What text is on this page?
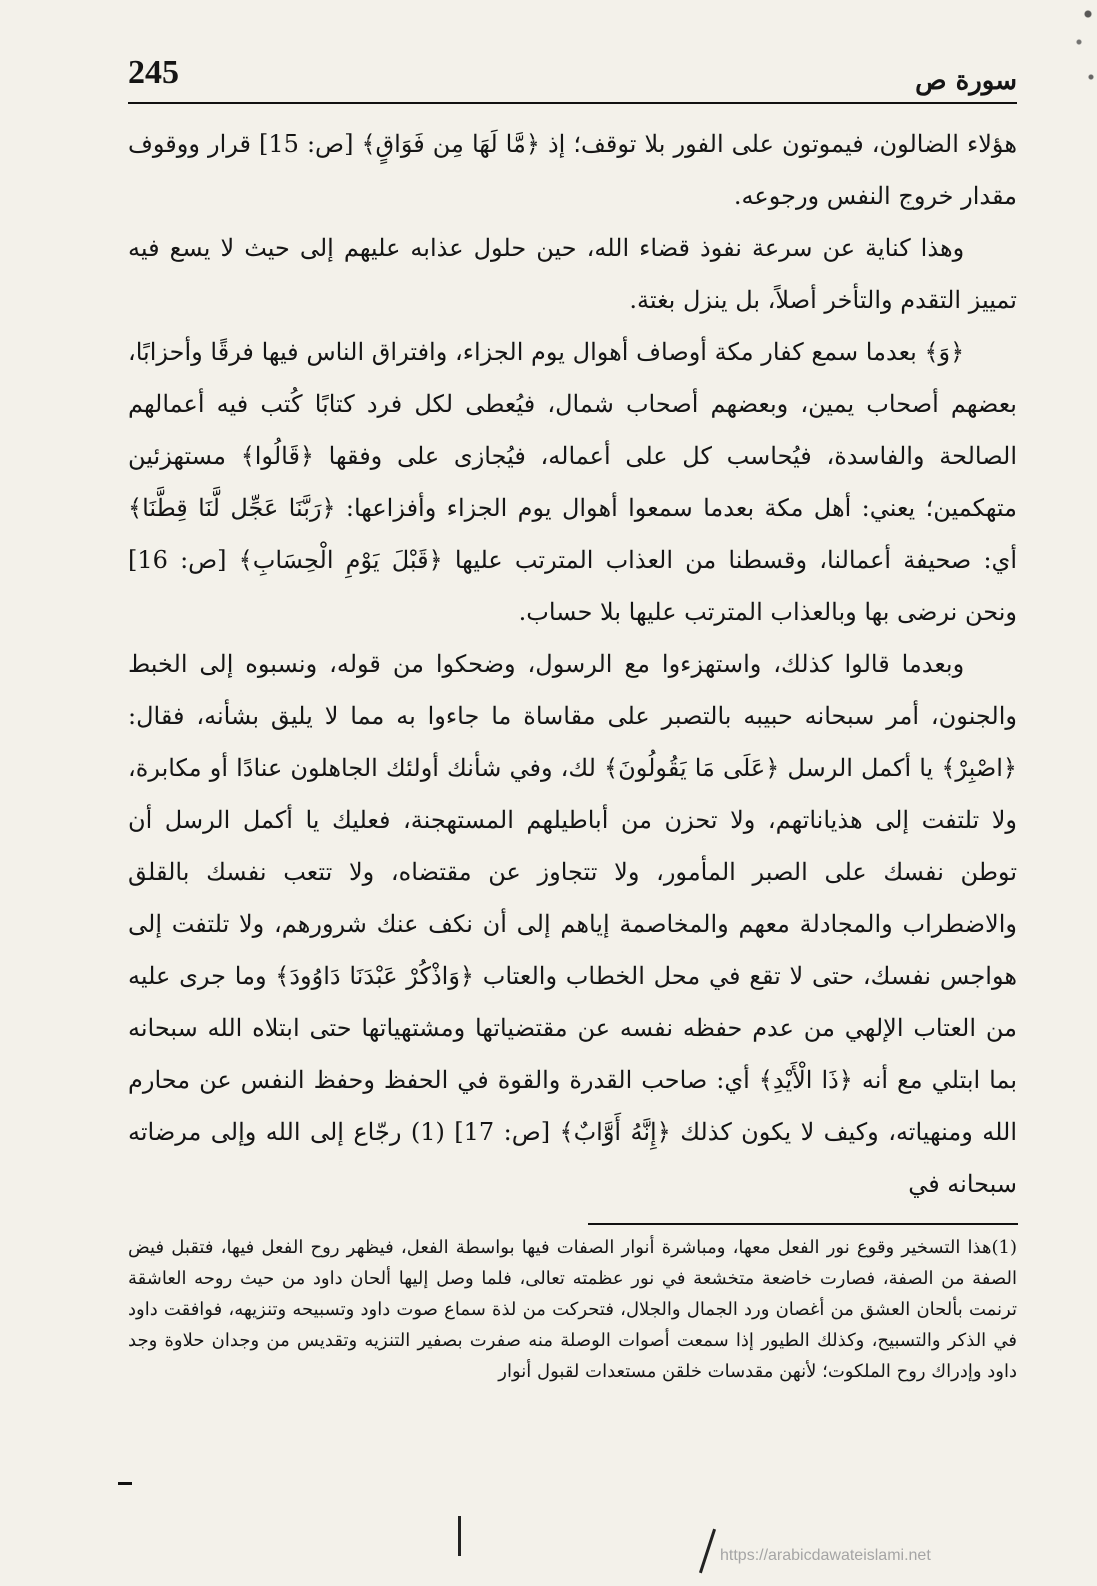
245	سورة ص

هؤلاء الضالون، فيموتون على الفور بلا توقف؛ إذ ﴿مَّا لَهَا مِن فَوَاقٍ﴾ [ص: 15] قرار ووقوف مقدار خروج النفس ورجوعه.

وهذا كناية عن سرعة نفوذ قضاء الله، حين حلول عذابه عليهم إلى حيث لا يسع فيه تمييز التقدم والتأخر أصلاً، بل ينزل بغتة.

﴿وَ﴾ بعدما سمع كفار مكة أوصاف أهوال يوم الجزاء، وافتراق الناس فيها فرقًا وأحزابًا، بعضهم أصحاب يمين، وبعضهم أصحاب شمال، فيُعطى لكل فرد كتابًا كُتب فيه أعمالهم الصالحة والفاسدة، فيُحاسب كل على أعماله، فيُجازى على وفقها ﴿قَالُوا﴾ مستهزئين متهكمين؛ يعني: أهل مكة بعدما سمعوا أهوال يوم الجزاء وأفزاعها: ﴿رَبَّنَا عَجِّل لَّنَا قِطَّنَا﴾ أي: صحيفة أعمالنا، وقسطنا من العذاب المترتب عليها ﴿قَبْلَ يَوْمِ الْحِسَابِ﴾ [ص: 16] ونحن نرضى بها وبالعذاب المترتب عليها بلا حساب.

وبعدما قالوا كذلك، واستهزءوا مع الرسول، وضحكوا من قوله، ونسبوه إلى الخبط والجنون، أمر سبحانه حبيبه بالتصبر على مقاساة ما جاءوا به مما لا يليق بشأنه، فقال: ﴿اصْبِرْ﴾ يا أكمل الرسل ﴿عَلَى مَا يَقُولُونَ﴾ لك، وفي شأنك أولئك الجاهلون عنادًا أو مكابرة، ولا تلتفت إلى هذياناتهم، ولا تحزن من أباطيلهم المستهجنة، فعليك يا أكمل الرسل أن توطن نفسك على الصبر المأمور، ولا تتجاوز عن مقتضاه، ولا تتعب نفسك بالقلق والاضطراب والمجادلة معهم والمخاصمة إياهم إلى أن نكف عنك شرورهم، ولا تلتفت إلى هواجس نفسك، حتى لا تقع في محل الخطاب والعتاب ﴿وَاذْكُرْ عَبْدَنَا دَاوُودَ﴾ وما جرى عليه من العتاب الإلهي من عدم حفظه نفسه عن مقتضياتها ومشتهياتها حتى ابتلاه الله سبحانه بما ابتلي مع أنه ﴿ذَا الْأَيْدِ﴾ أي: صاحب القدرة والقوة في الحفظ وحفظ النفس عن محارم الله ومنهياته، وكيف لا يكون كذلك ﴿إِنَّهُ أَوَّابٌ﴾ [ص: 17] (1) رجّاع إلى الله وإلى مرضاته سبحانه في

(1)هذا التسخير وقوع نور الفعل معها، ومباشرة أنوار الصفات فيها بواسطة الفعل، فيظهر روح الفعل فيها، فتقبل فيض الصفة من الصفة، فصارت خاضعة متخشعة في نور عظمته تعالى، فلما وصل إليها ألحان داود من حيث روحه العاشقة ترنمت بألحان العشق من أغصان ورد الجمال والجلال، فتحركت من لذة سماع صوت داود وتسبيحه وتنزيهه، فوافقت داود في الذكر والتسبيح، وكذلك الطيور إذا سمعت أصوات الوصلة منه صفرت بصفير التنزيه وتقديس من وجدان حلاوة وجد داود وإدراك روح الملكوت؛ لأنهن مقدسات خلقن مستعدات لقبول أنوار

https://arabicdawateislami.net
